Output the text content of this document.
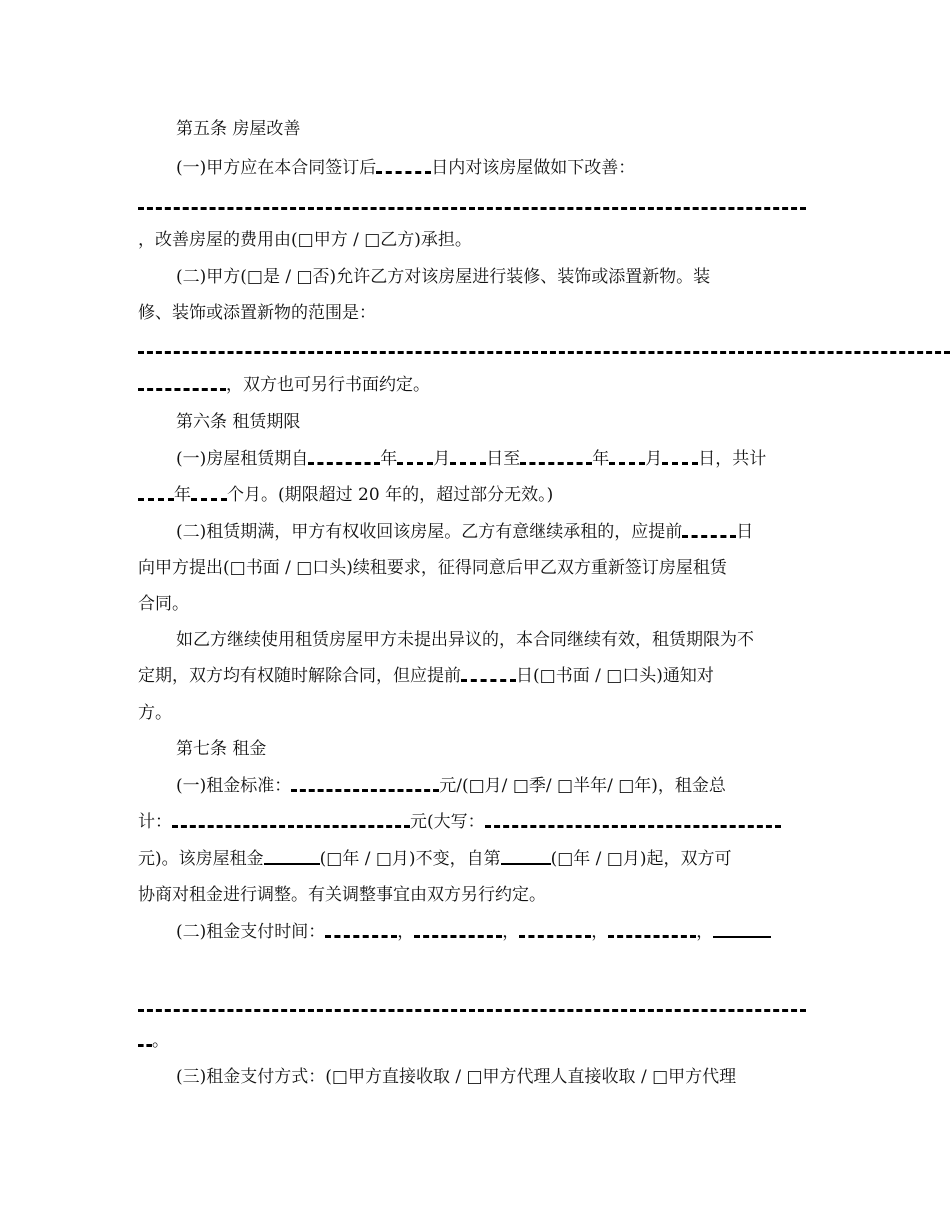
第五条 房屋改善
(一)甲方应在本合同签订后	日内对该房屋做如下改善：
，改善房屋的费用由(□甲方 / □乙方)承担。
(二)甲方(□是 / □否)允许乙方对该房屋进行装修、装饰或添置新物。装
修、装饰或添置新物的范围是：
，双方也可另行书面约定。
第六条 租赁期限
(一)房屋租赁期自	年 月 日至	年 月 日，共计
年 个月。(期限超过 20 年的，超过部分无效。)
(二)租赁期满，甲方有权收回该房屋。乙方有意继续承租的，应提前	日
向甲方提出(□书面 / □口头)续租要求，征得同意后甲乙双方重新签订房屋租赁
合同。
如乙方继续使用租赁房屋甲方未提出异议的，本合同继续有效，租赁期限为不
定期，双方均有权随时解除合同，但应提前	日(□书面 / □口头)通知对
方。
第七条 租金
(一)租金标准：	元/(□月/ □季/ □半年/ □年)，租金总
计：	元(大写：
元)。该房屋租金	(□年 / □月)不变，自第	(□年 / □月)起，双方可
协商对租金进行调整。有关调整事宜由双方另行约定。
(二)租金支付时间：	，	，	，	，
。
(三)租金支付方式：(□甲方直接收取 / □甲方代理人直接收取 / □甲方代理
